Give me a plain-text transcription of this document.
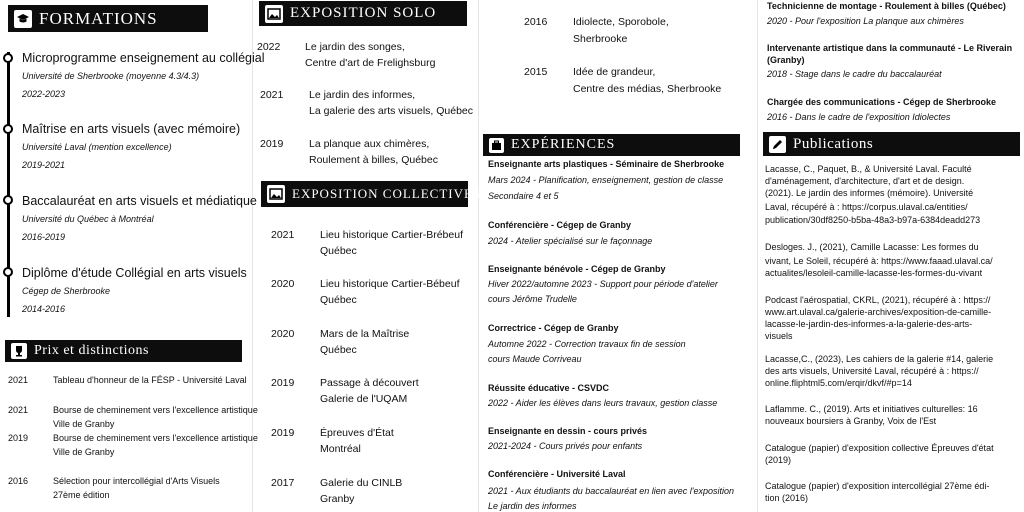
FORMATIONS
Microprogramme enseignement au collégial
Université de Sherbrooke (moyenne 4.3/4.3)
2022-2023
Maîtrise en arts visuels (avec mémoire)
Université Laval (mention excellence)
2019-2021
Baccalauréat en arts visuels et médiatique
Université du Québec à Montréal
2016-2019
Diplôme d'étude Collégial en arts visuels
Cégep de Sherbrooke
2014-2016
Prix et distinctions
2021	Tableau d'honneur de la FÉSP - Université Laval
2021	Bourse de cheminement vers l'excellence artistique
Ville de Granby
2019	Bourse de cheminement vers l'excellence artistique
Ville de Granby
2016	Sélection pour intercollégial d'Arts Visuels
27ème édition
EXPOSITION SOLO
2022 Le jardin des songes,
Centre d'art de Frelighsburg
2021 Le jardin des informes,
La galerie des arts visuels, Québec
2019 La planque aux chimères,
Roulement à billes, Québec
EXPOSITION COLLECTIVES
2021 Lieu historique Cartier-Brébeuf
Québec
2020 Lieu historique Cartier-Bébeuf
Québec
2020 Mars de la Maîtrise
Québec
2019 Passage à découvert
Galerie de l'UQAM
2019 Épreuves d'État
Montréal
2017 Galerie du CINLB
Granby
2016 Idiolecte, Sporobole,
Sherbrooke
2015 Idée de grandeur,
Centre des médias, Sherbrooke
EXPÉRIENCES
Enseignante arts plastiques - Séminaire de Sherbrooke
Mars 2024 - Planification, enseignement, gestion de classe
Secondaire 4 et 5
Conférencière - Cégep de Granby
2024 - Atelier spécialisé sur le façonnage
Enseignante bénévole - Cégep de Granby
Hiver 2022/automne 2023 - Support pour période d'atelier
cours Jérôme Trudelle
Correctrice - Cégep de Granby
Automne 2022 - Correction travaux fin de session
cours Maude Corriveau
Réussite éducative - CSVDC
2022 - Aider les élèves dans leurs travaux, gestion classe
Enseignante en dessin - cours privés
2021-2024 - Cours privés pour enfants
Conférencière - Université Laval
2021 - Aux étudiants du baccalauréat en lien avec l'exposition
Le jardin des informes
Technicienne de montage - Roulement à billes (Québec)
2020 - Pour l'exposition La planque aux chimères
Intervenante artistique dans la communauté - Le Riverain
(Granby)
2018 - Stage dans le cadre du baccalauréat
Chargée des communications - Cégep de Sherbrooke
2016 - Dans le cadre de l'exposition Idiolectes
Publications
Lacasse, C., Paquet, B., & Université Laval. Faculté
d'aménagement, d'architecture, d'art et de design.
(2021). Le jardin des informes (mémoire). Université
Laval, récupéré à : https://corpus.ulaval.ca/entities/
publication/30df8250-b5ba-48a3-b97a-6384deadd273
Desloges. J., (2021), Camille Lacasse: Les formes du
vivant, Le Soleil, récupéré à: https://www.faaad.ulaval.ca/
actualites/lesoleil-camille-lacasse-les-formes-du-vivant
Podcast l'aérospatial, CKRL, (2021), récupéré à : https://
www.art.ulaval.ca/galerie-archives/exposition-de-camille-
lacasse-le-jardin-des-informes-a-la-galerie-des-arts-
visuels
Lacasse,C., (2023), Les cahiers de la galerie #14, galerie
des arts visuels, Université Laval, récupéré à : https://
online.fliphtml5.com/erqir/dkvf/#p=14
Laflamme. C., (2019). Arts et initiatives culturelles: 16
nouveaux boursiers à Granby, Voix de l'Est
Catalogue (papier) d'exposition collective Épreuves d'état
(2019)
Catalogue (papier) d'exposition intercollégial 27ème édi-
tion (2016)
